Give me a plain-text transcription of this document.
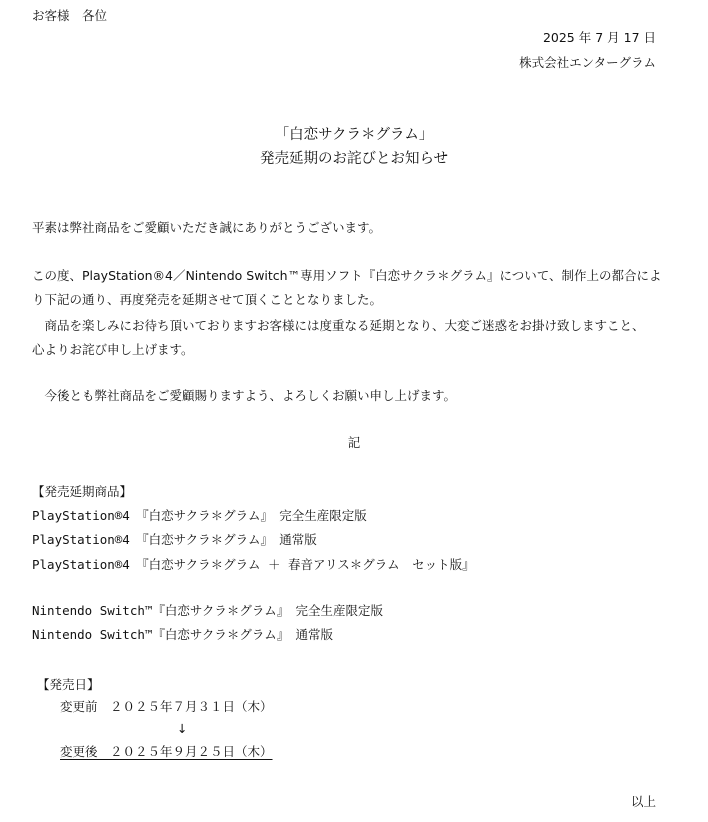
お客様　各位
2025 年 7 月 17 日
株式会社エンターグラム
「白恋サクラ＊グラム」
発売延期のお詫びとお知らせ
平素は弊社商品をご愛顧いただき誠にありがとうございます。
この度、PlayStation®4／Nintendo Switch™専用ソフト『白恋サクラ＊グラム』について、制作上の都合によ
り下記の通り、再度発売を延期させて頂くこととなりました。
　商品を楽しみにお待ち頂いておりますお客様には度重なる延期となり、大変ご迷惑をお掛け致しますこと、
心よりお詫び申し上げます。
　今後とも弊社商品をご愛顧賜りますよう、よろしくお願い申し上げます。
記
【発売延期商品】
PlayStation®4　『白恋サクラ＊グラム』　完全生産限定版
PlayStation®4　『白恋サクラ＊グラム』　通常版
PlayStation®4　『白恋サクラ＊グラム ＋ 春音アリス＊グラム　セット版』
Nintendo Switch™『白恋サクラ＊グラム』　完全生産限定版
Nintendo Switch™『白恋サクラ＊グラム』　通常版
【発売日】
変更前　２０２５年７月３１日（木）
↓
変更後　２０２５年９月２５日（木）
以上
